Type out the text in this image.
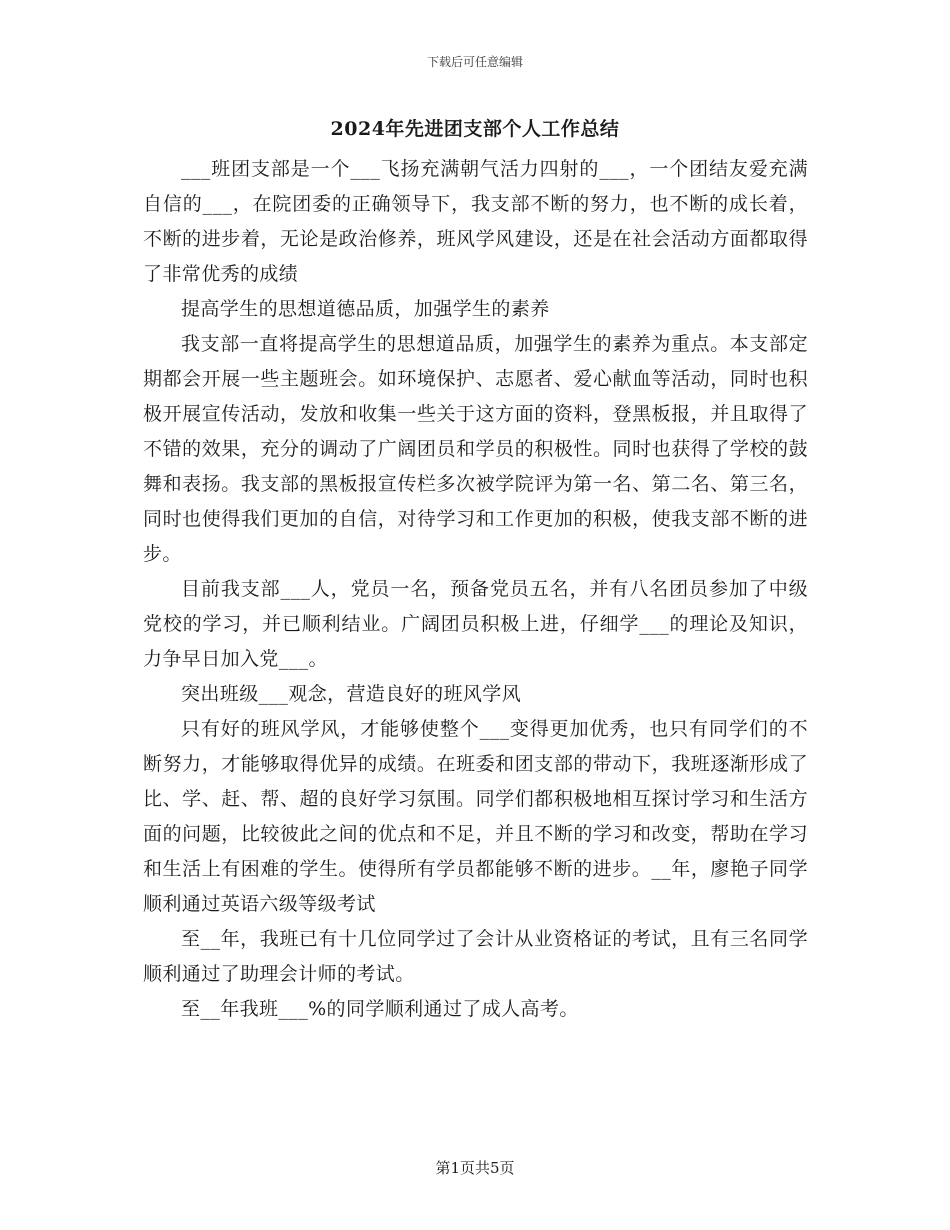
下载后可任意编辑
2024年先进团支部个人工作总结

___班团支部是一个___飞扬充满朝气活力四射的___，一个团结友爱充满自信的___，在院团委的正确领导下，我支部不断的努力，也不断的成长着，不断的进步着，无论是政治修养，班风学风建设，还是在社会活动方面都取得了非常优秀的成绩

提高学生的思想道德品质，加强学生的素养

我支部一直将提高学生的思想道品质，加强学生的素养为重点。本支部定期都会开展一些主题班会。如环境保护、志愿者、爱心献血等活动，同时也积极开展宣传活动，发放和收集一些关于这方面的资料，登黑板报，并且取得了不错的效果，充分的调动了广阔团员和学员的积极性。同时也获得了学校的鼓舞和表扬。我支部的黑板报宣传栏多次被学院评为第一名、第二名、第三名，同时也使得我们更加的自信，对待学习和工作更加的积极，使我支部不断的进步。

目前我支部___人，党员一名，预备党员五名，并有八名团员参加了中级党校的学习，并已顺利结业。广阔团员积极上进，仔细学___的理论及知识，力争早日加入党___。

突出班级___观念，营造良好的班风学风

只有好的班风学风，才能够使整个___变得更加优秀，也只有同学们的不断努力，才能够取得优异的成绩。在班委和团支部的带动下，我班逐渐形成了比、学、赶、帮、超的良好学习氛围。同学们都积极地相互探讨学习和生活方面的问题，比较彼此之间的优点和不足，并且不断的学习和改变，帮助在学习和生活上有困难的学生。使得所有学员都能够不断的进步。__年，廖艳子同学顺利通过英语六级等级考试

至__年，我班已有十几位同学过了会计从业资格证的考试，且有三名同学顺利通过了助理会计师的考试。

至__年我班___%的同学顺利通过了成人高考。

第1页共5页
